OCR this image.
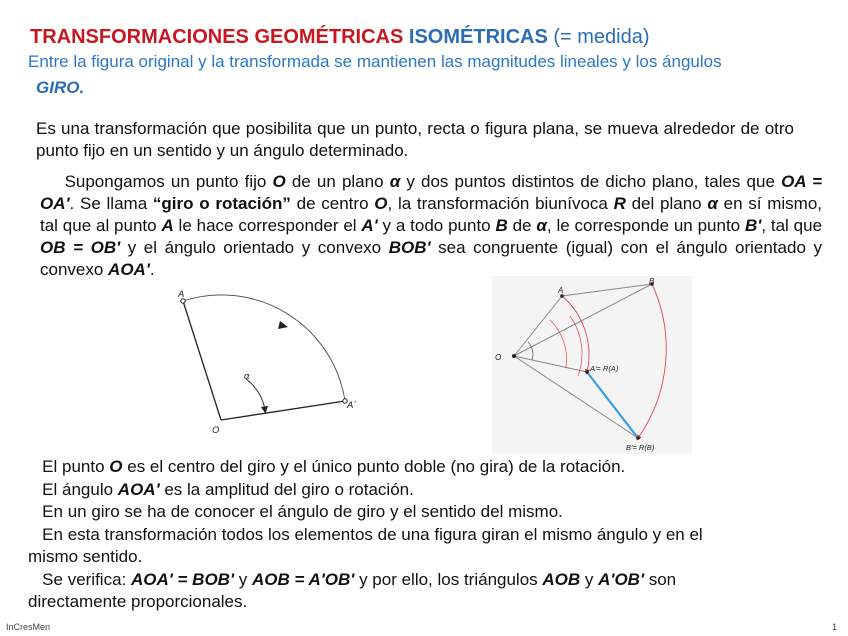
TRANSFORMACIONES GEOMÉTRICAS ISOMÉTRICAS (= medida)
Entre la figura original y la transformada se mantienen las magnitudes lineales y los ángulos
GIRO.
Es una transformación que posibilita que un punto, recta o figura plana, se mueva alrededor de otro punto fijo en un sentido y un ángulo determinado.
Supongamos un punto fijo O de un plano α y dos puntos distintos de dicho plano, tales que OA = OA'. Se llama “giro o rotación” de centro O, la transformación biunívoca R del plano α en sí mismo, tal que al punto A le hace corresponder el A' y a todo punto B de α, le corresponde un punto B', tal que OB = OB' y el ángulo orientado y convexo BOB' sea congruente (igual) con el ángulo orientado y convexo AOA'.
A
O
A´
α
A
B
O
A'= R(A)
B'= R(B)
El punto O es el centro del giro y el único punto doble (no gira) de la rotación.
El ángulo AOA' es la amplitud del giro o rotación.
En un giro se ha de conocer el ángulo de giro y el sentido del mismo.
En esta transformación todos los elementos de una figura giran el mismo ángulo y en el
mismo sentido.
Se verifica: AOA' = BOB' y AOB = A'OB' y por ello, los triángulos AOB y A'OB' son
directamente proporcionales.
InCresMen	1
